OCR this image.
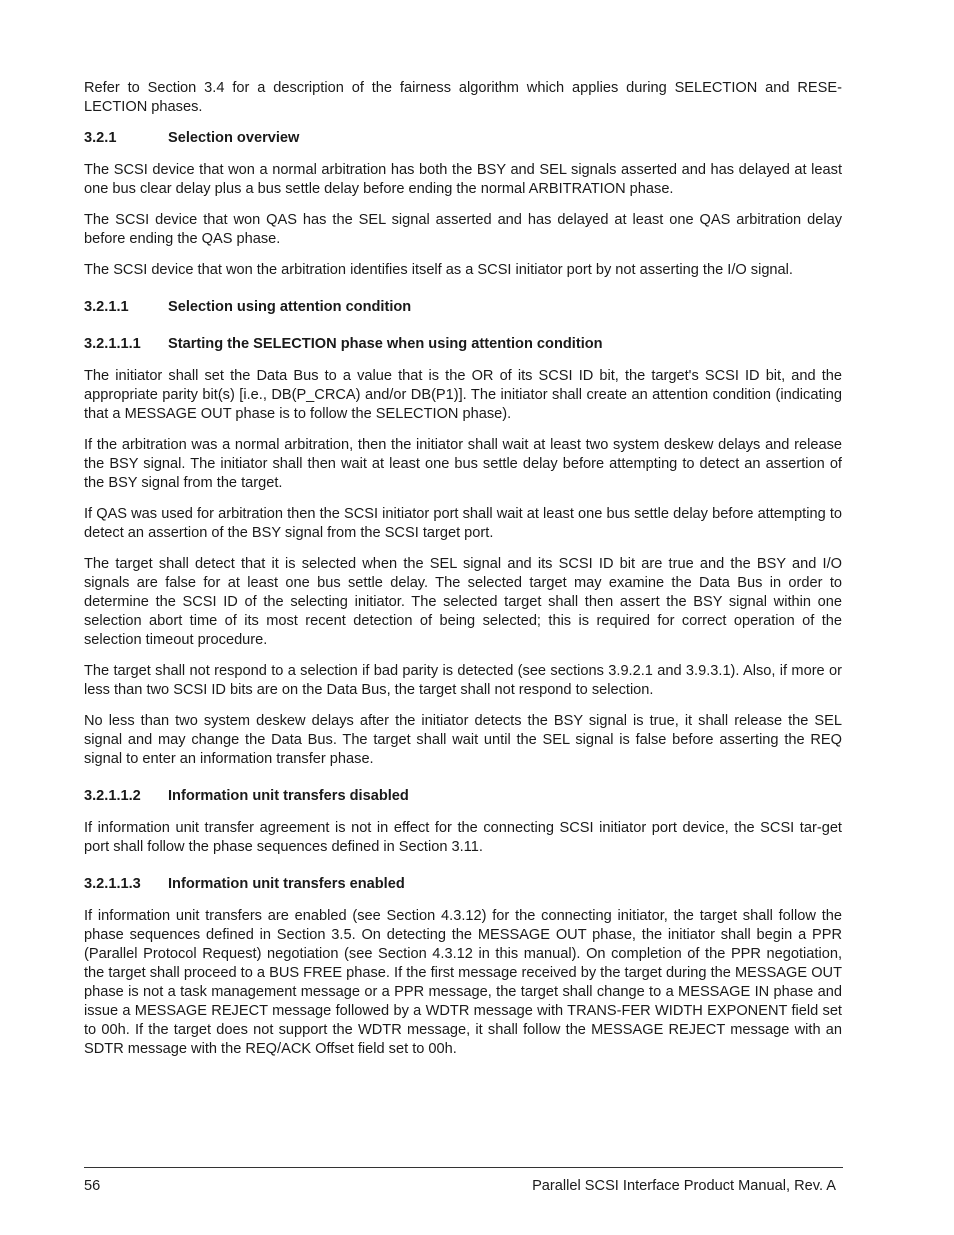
Refer to Section 3.4 for a description of the fairness algorithm which applies during SELECTION and RESE-LECTION phases.

3.2.1	Selection overview

The SCSI device that won a normal arbitration has both the BSY and SEL signals asserted and has delayed at least one bus clear delay plus a bus settle delay before ending the normal ARBITRATION phase.

The SCSI device that won QAS has the SEL signal asserted and has delayed at least one QAS arbitration delay before ending the QAS phase.

The SCSI device that won the arbitration identifies itself as a SCSI initiator port by not asserting the I/O signal.

3.2.1.1	Selection using attention condition
3.2.1.1.1	Starting the SELECTION phase when using attention condition

The initiator shall set the Data Bus to a value that is the OR of its SCSI ID bit, the target's SCSI ID bit, and the appropriate parity bit(s) [i.e., DB(P_CRCA) and/or DB(P1)]. The initiator shall create an attention condition (indicating that a MESSAGE OUT phase is to follow the SELECTION phase).

If the arbitration was a normal arbitration, then the initiator shall wait at least two system deskew delays and release the BSY signal. The initiator shall then wait at least one bus settle delay before attempting to detect an assertion of the BSY signal from the target.

If QAS was used for arbitration then the SCSI initiator port shall wait at least one bus settle delay before attempting to detect an assertion of the BSY signal from the SCSI target port.

The target shall detect that it is selected when the SEL signal and its SCSI ID bit are true and the BSY and I/O signals are false for at least one bus settle delay. The selected target may examine the Data Bus in order to determine the SCSI ID of the selecting initiator. The selected target shall then assert the BSY signal within one selection abort time of its most recent detection of being selected; this is required for correct operation of the selection timeout procedure.

The target shall not respond to a selection if bad parity is detected (see sections 3.9.2.1 and 3.9.3.1). Also, if more or less than two SCSI ID bits are on the Data Bus, the target shall not respond to selection.

No less than two system deskew delays after the initiator detects the BSY signal is true, it shall release the SEL signal and may change the Data Bus. The target shall wait until the SEL signal is false before asserting the REQ signal to enter an information transfer phase.

3.2.1.1.2	Information unit transfers disabled

If information unit transfer agreement is not in effect for the connecting SCSI initiator port device, the SCSI tar-get port shall follow the phase sequences defined in Section 3.11.

3.2.1.1.3	Information unit transfers enabled

If information unit transfers are enabled (see Section 4.3.12) for the connecting initiator, the target shall follow the phase sequences defined in Section 3.5. On detecting the MESSAGE OUT phase, the initiator shall begin a PPR (Parallel Protocol Request) negotiation (see Section 4.3.12 in this manual). On completion of the PPR negotiation, the target shall proceed to a BUS FREE phase. If the first message received by the target during the MESSAGE OUT phase is not a task management message or a PPR message, the target shall change to a MESSAGE IN phase and issue a MESSAGE REJECT message followed by a WDTR message with TRANS-FER WIDTH EXPONENT field set to 00h. If the target does not support the WDTR message, it shall follow the MESSAGE REJECT message with an SDTR message with the REQ/ACK Offset field set to 00h.

56	Parallel SCSI Interface Product Manual, Rev. A
